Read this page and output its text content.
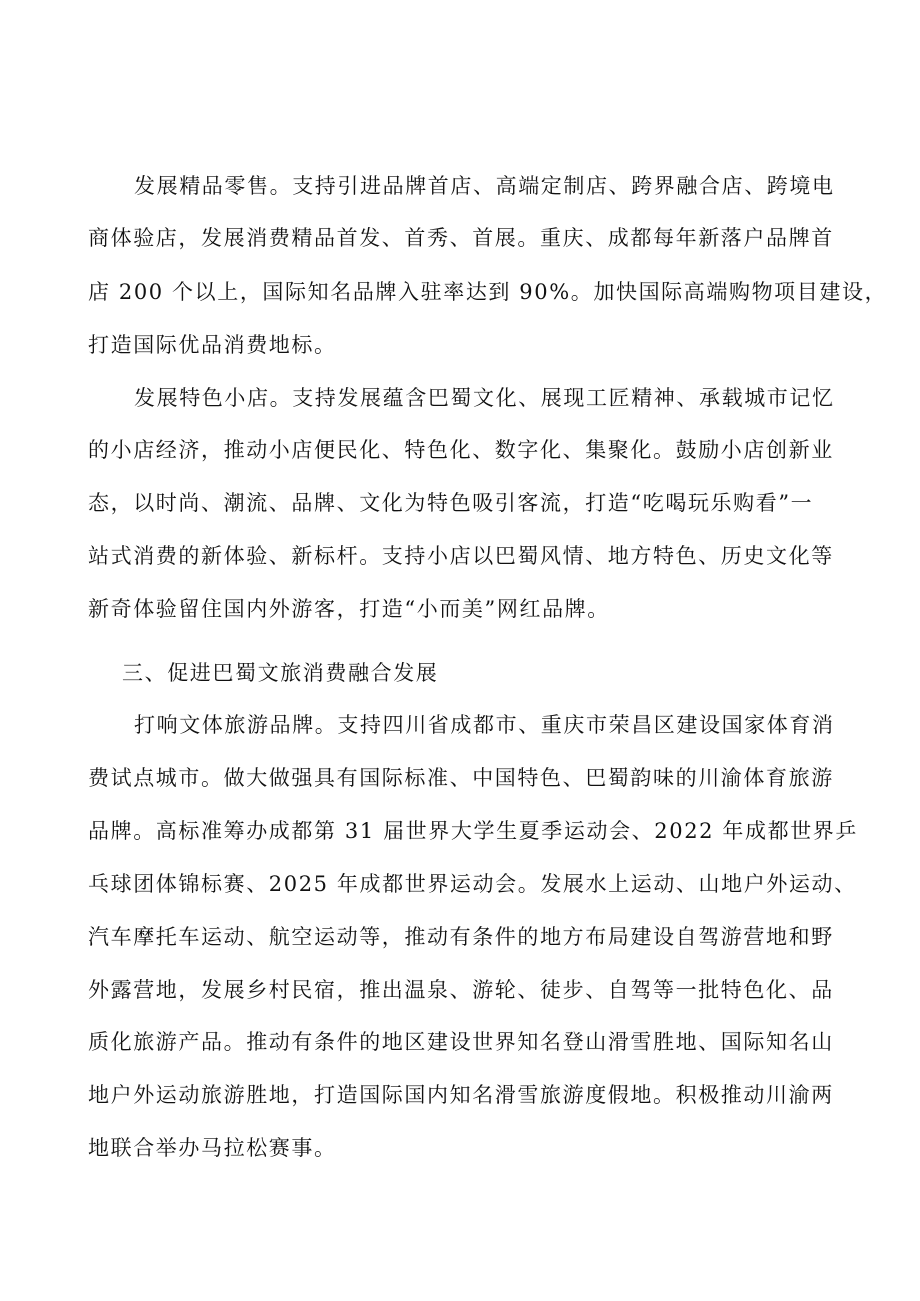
发展精品零售。支持引进品牌首店、高端定制店、跨界融合店、跨境电
商体验店，发展消费精品首发、首秀、首展。重庆、成都每年新落户品牌首
店 200 个以上，国际知名品牌入驻率达到 90%。加快国际高端购物项目建设，
打造国际优品消费地标。
发展特色小店。支持发展蕴含巴蜀文化、展现工匠精神、承载城市记忆
的小店经济，推动小店便民化、特色化、数字化、集聚化。鼓励小店创新业
态，以时尚、潮流、品牌、文化为特色吸引客流，打造“吃喝玩乐购看”一
站式消费的新体验、新标杆。支持小店以巴蜀风情、地方特色、历史文化等
新奇体验留住国内外游客，打造“小而美”网红品牌。
三、促进巴蜀文旅消费融合发展
打响文体旅游品牌。支持四川省成都市、重庆市荣昌区建设国家体育消
费试点城市。做大做强具有国际标准、中国特色、巴蜀韵味的川渝体育旅游
品牌。高标准筹办成都第 31 届世界大学生夏季运动会、2022 年成都世界乒
乓球团体锦标赛、2025 年成都世界运动会。发展水上运动、山地户外运动、
汽车摩托车运动、航空运动等，推动有条件的地方布局建设自驾游营地和野
外露营地，发展乡村民宿，推出温泉、游轮、徒步、自驾等一批特色化、品
质化旅游产品。推动有条件的地区建设世界知名登山滑雪胜地、国际知名山
地户外运动旅游胜地，打造国际国内知名滑雪旅游度假地。积极推动川渝两
地联合举办马拉松赛事。
